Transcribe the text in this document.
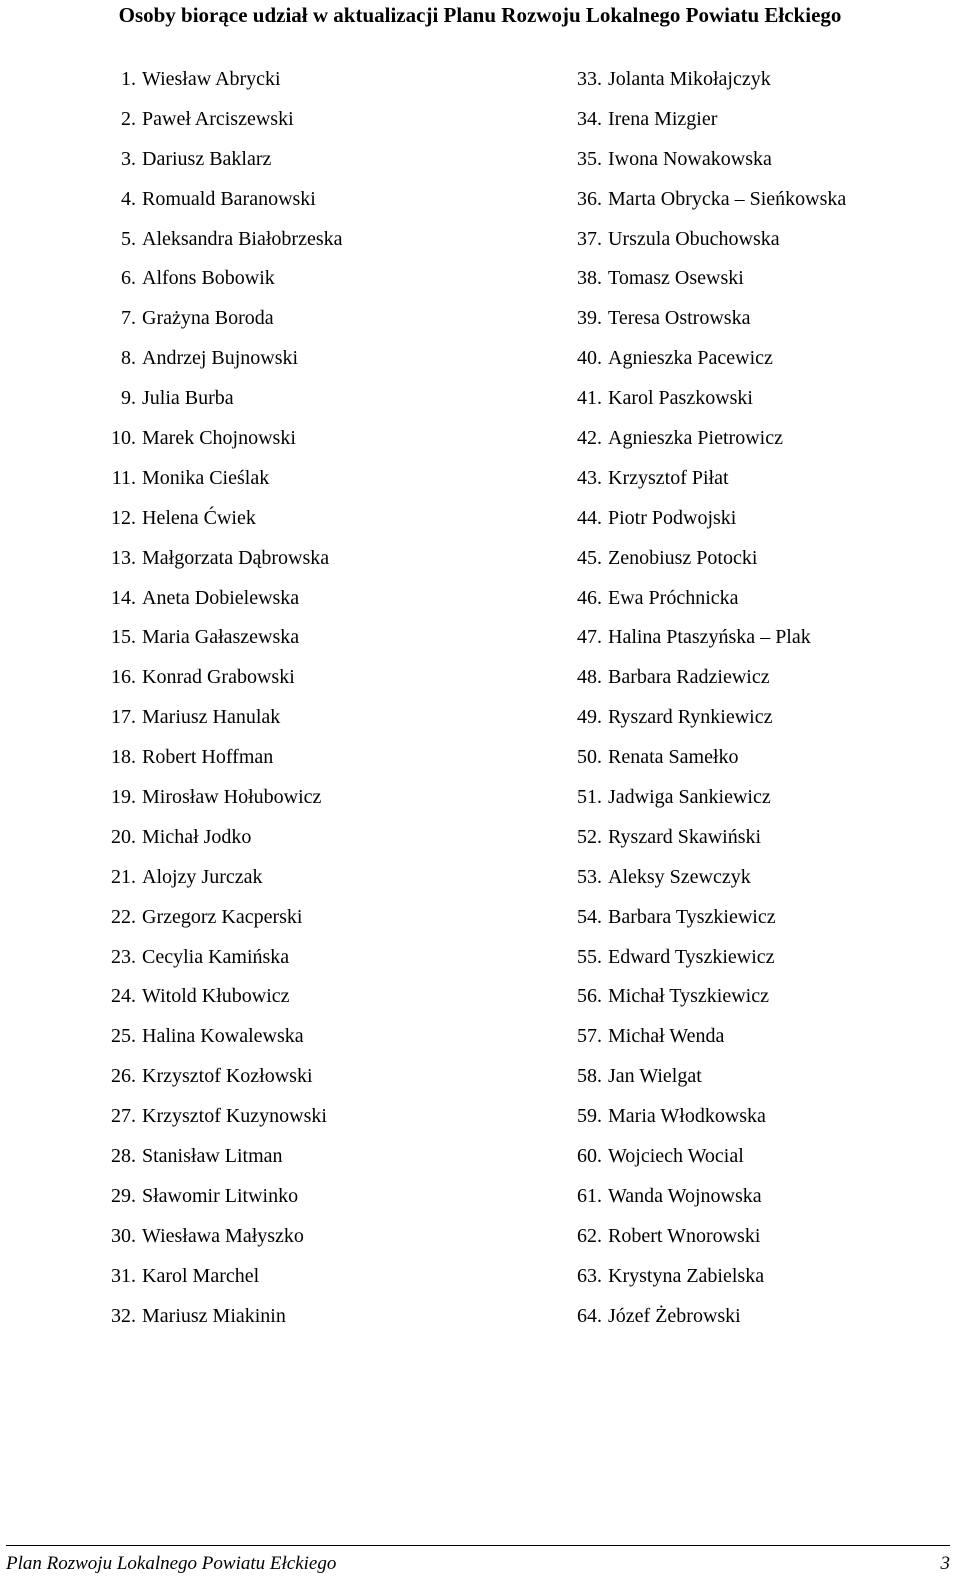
Osoby biorące udział w aktualizacji Planu Rozwoju Lokalnego Powiatu Ełckiego
1.
Wiesław Abrycki
2.
Paweł Arciszewski
3.
Dariusz Baklarz
4.
Romuald Baranowski
5.
Aleksandra Białobrzeska
6.
Alfons Bobowik
7.
Grażyna Boroda
8.
Andrzej Bujnowski
9.
Julia Burba
10.
Marek Chojnowski
11.
Monika Cieślak
12.
Helena Ćwiek
13.
Małgorzata Dąbrowska
14.
Aneta Dobielewska
15.
Maria Gałaszewska
16.
Konrad Grabowski
17.
Mariusz Hanulak
18.
Robert Hoffman
19.
Mirosław Hołubowicz
20.
Michał Jodko
21.
Alojzy Jurczak
22.
Grzegorz Kacperski
23.
Cecylia Kamińska
24.
Witold Kłubowicz
25.
Halina Kowalewska
26.
Krzysztof Kozłowski
27.
Krzysztof Kuzynowski
28.
Stanisław Litman
29.
Sławomir Litwinko
30.
Wiesława Małyszko
31.
Karol Marchel
32.
Mariusz Miakinin
33.
Jolanta Mikołajczyk
34.
Irena Mizgier
35.
Iwona Nowakowska
36.
Marta Obrycka – Sieńkowska
37.
Urszula Obuchowska
38.
Tomasz Osewski
39.
Teresa Ostrowska
40.
Agnieszka Pacewicz
41.
Karol Paszkowski
42.
Agnieszka Pietrowicz
43.
Krzysztof Piłat
44.
Piotr Podwojski
45.
Zenobiusz Potocki
46.
Ewa Próchnicka
47.
Halina Ptaszyńska – Plak
48.
Barbara Radziewicz
49.
Ryszard Rynkiewicz
50.
Renata Samełko
51.
Jadwiga Sankiewicz
52.
Ryszard Skawiński
53.
Aleksy Szewczyk
54.
Barbara Tyszkiewicz
55.
Edward Tyszkiewicz
56.
Michał Tyszkiewicz
57.
Michał Wenda
58.
Jan Wielgat
59.
Maria Włodkowska
60.
Wojciech Wocial
61.
Wanda Wojnowska
62.
Robert Wnorowski
63.
Krystyna Zabielska
64.
Józef Żebrowski
Plan Rozwoju Lokalnego Powiatu Ełckiego	3
